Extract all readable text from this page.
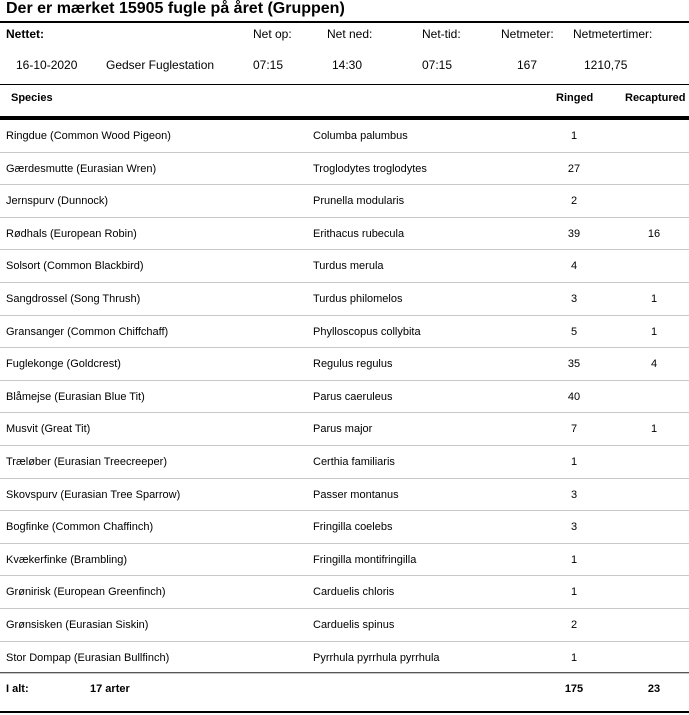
Der er mærket 15905 fugle på året (Gruppen)
Nettet:	Net op:	Net ned:	Net-tid:	Netmeter: Netmetertimer:
16-10-2020 Gedser Fuglestation	07:15	14:30	07:15	167	1210,75
Species	Ringed	Recaptured
Ringdue (Common Wood Pigeon)	Columba palumbus	1
Gærdesmutte (Eurasian Wren)	Troglodytes troglodytes	27
Jernspurv (Dunnock)	Prunella modularis	2
Rødhals (European Robin)	Erithacus rubecula	39	16
Solsort (Common Blackbird)	Turdus merula	4
Sangdrossel (Song Thrush)	Turdus philomelos	3	1
Gransanger (Common Chiffchaff)	Phylloscopus collybita	5	1
Fuglekonge (Goldcrest)	Regulus regulus	35	4
Blåmejse (Eurasian Blue Tit)	Parus caeruleus	40
Musvit (Great Tit)	Parus major	7	1
Træløber (Eurasian Treecreeper)	Certhia familiaris	1
Skovspurv (Eurasian Tree Sparrow)	Passer montanus	3
Bogfinke (Common Chaffinch)	Fringilla coelebs	3
Kvækerfinke (Brambling)	Fringilla montifringilla	1
Grønirisk (European Greenfinch)	Carduelis chloris	1
Grønsisken (Eurasian Siskin)	Carduelis spinus	2
Stor Dompap (Eurasian Bullfinch)	Pyrrhula pyrrhula pyrrhula	1
I alt:	17 arter	175	23
